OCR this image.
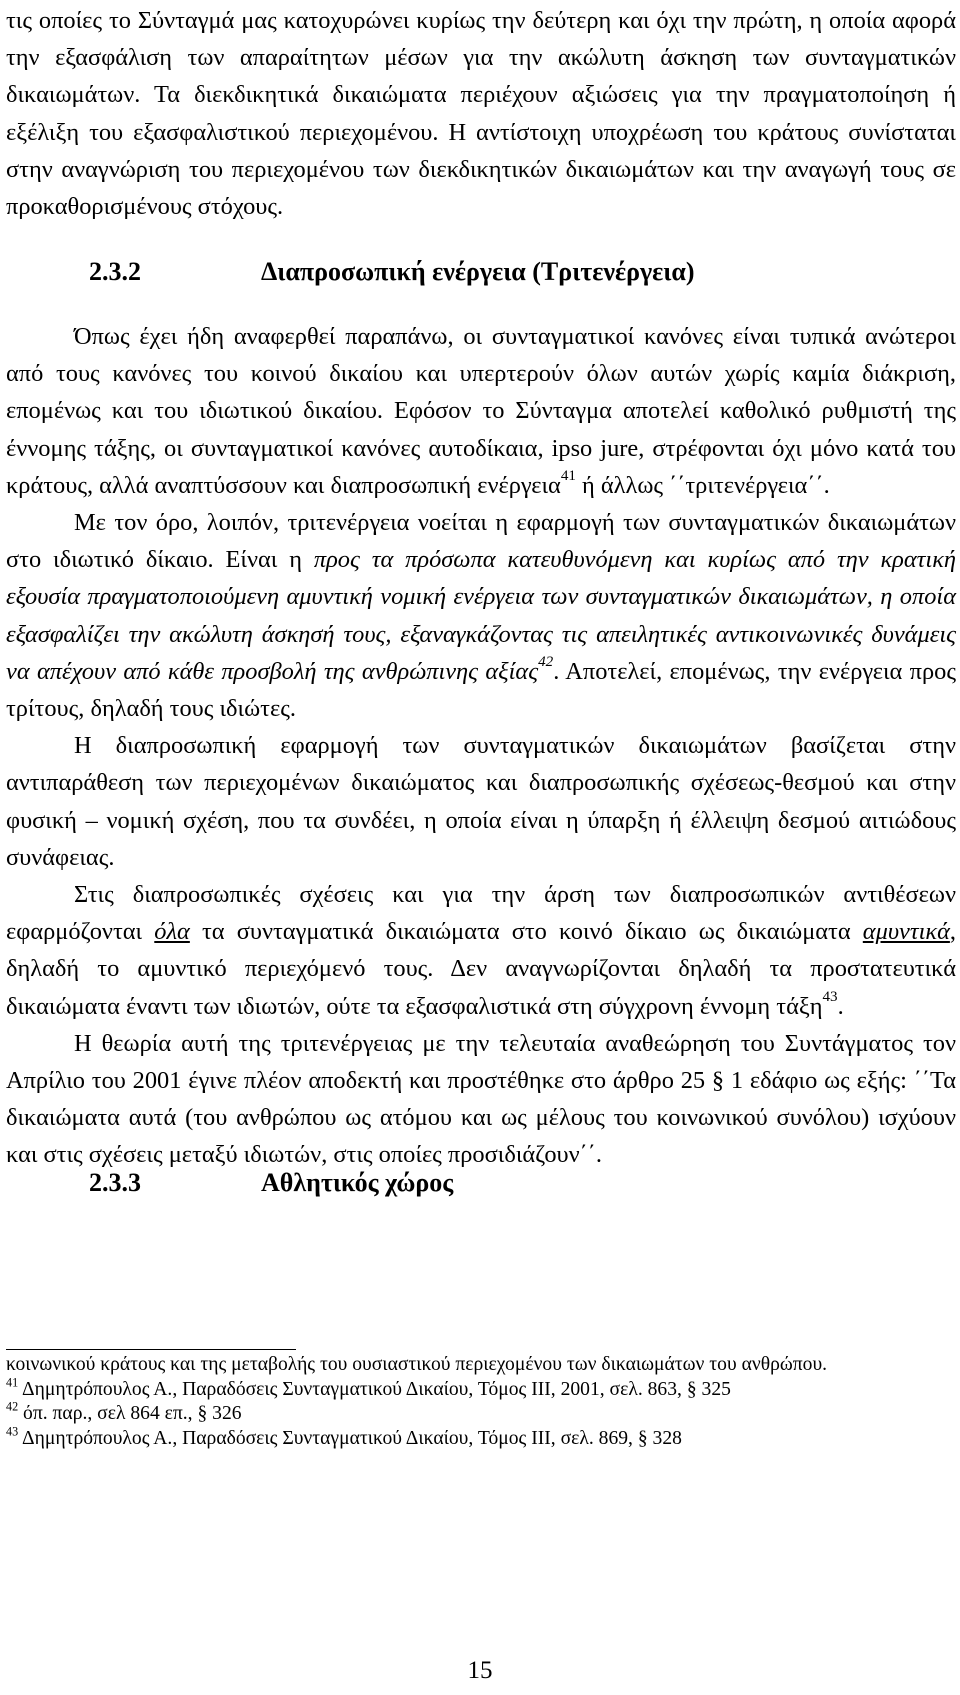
τις οποίες το Σύνταγμά μας κατοχυρώνει κυρίως την δεύτερη και όχι την πρώτη, η οποία αφορά την εξασφάλιση των απαραίτητων μέσων για την ακώλυτη άσκηση των συνταγματικών δικαιωμάτων. Τα διεκδικητικά δικαιώματα περιέχουν αξιώσεις για την πραγματοποίηση ή εξέλιξη του εξασφαλιστικού περιεχομένου. Η αντίστοιχη υποχρέωση του κράτους συνίσταται στην αναγνώριση του περιεχομένου των διεκδικητικών δικαιωμάτων και την αναγωγή τους σε προκαθορισμένους στόχους.

2.3.2	Διαπροσωπική ενέργεια (Τριτενέργεια)

Όπως έχει ήδη αναφερθεί παραπάνω, οι συνταγματικοί κανόνες είναι τυπικά ανώτεροι από τους κανόνες του κοινού δικαίου και υπερτερούν όλων αυτών χωρίς καμία διάκριση, επομένως και του ιδιωτικού δικαίου. Εφόσον το Σύνταγμα αποτελεί καθολικό ρυθμιστή της έννομης τάξης, οι συνταγματικοί κανόνες αυτοδίκαια, ipso jure, στρέφονται όχι μόνο κατά του κράτους, αλλά αναπτύσσουν και διαπροσωπική ενέργεια$^{41}$ ή άλλως ΄΄τριτενέργεια΄΄.

Με τον όρο, λοιπόν, τριτενέργεια νοείται η εφαρμογή των συνταγματικών δικαιωμάτων στο ιδιωτικό δίκαιο. Είναι η προς τα πρόσωπα κατευθυνόμενη και κυρίως από την κρατική εξουσία πραγματοποιούμενη αμυντική νομική ενέργεια των συνταγματικών δικαιωμάτων, η οποία εξασφαλίζει την ακώλυτη άσκησή τους, εξαναγκάζοντας τις απειλητικές αντικοινωνικές δυνάμεις να απέχουν από κάθε προσβολή της ανθρώπινης αξίας$^{42}$. Αποτελεί, επομένως, την ενέργεια προς τρίτους, δηλαδή τους ιδιώτες.

Η διαπροσωπική εφαρμογή των συνταγματικών δικαιωμάτων βασίζεται στην αντιπαράθεση των περιεχομένων δικαιώματος και διαπροσωπικής σχέσεως-θεσμού και στην φυσική – νομική σχέση, που τα συνδέει, η οποία είναι η ύπαρξη ή έλλειψη δεσμού αιτιώδους συνάφειας.

Στις διαπροσωπικές σχέσεις και για την άρση των διαπροσωπικών αντιθέσεων εφαρμόζονται όλα τα συνταγματικά δικαιώματα στο κοινό δίκαιο ως δικαιώματα αμυντικά, δηλαδή το αμυντικό περιεχόμενό τους. Δεν αναγνωρίζονται δηλαδή τα προστατευτικά δικαιώματα έναντι των ιδιωτών, ούτε τα εξασφαλιστικά στη σύγχρονη έννομη τάξη$^{43}$.

Η θεωρία αυτή της τριτενέργειας με την τελευταία αναθεώρηση του Συντάγματος τον Απρίλιο του 2001 έγινε πλέον αποδεκτή και προστέθηκε στο άρθρο 25 § 1 εδάφιο ως εξής: ΄΄Τα δικαιώματα αυτά (του ανθρώπου ως ατόμου και ως μέλους του κοινωνικού συνόλου) ισχύουν και στις σχέσεις μεταξύ ιδιωτών, στις οποίες προσιδιάζουν΄΄.

2.3.3	Αθλητικός χώρος

κοινωνικού κράτους και της μεταβολής του ουσιαστικού περιεχομένου των δικαιωμάτων του ανθρώπου.

$^{41}$ Δημητρόπουλος Α., Παραδόσεις Συνταγματικού Δικαίου, Τόμος ΙΙΙ, 2001, σελ. 863, § 325

$^{42}$ όπ. παρ., σελ 864 επ., § 326

$^{43}$ Δημητρόπουλος Α., Παραδόσεις Συνταγματικού Δικαίου, Τόμος ΙΙΙ, σελ. 869, § 328

15
